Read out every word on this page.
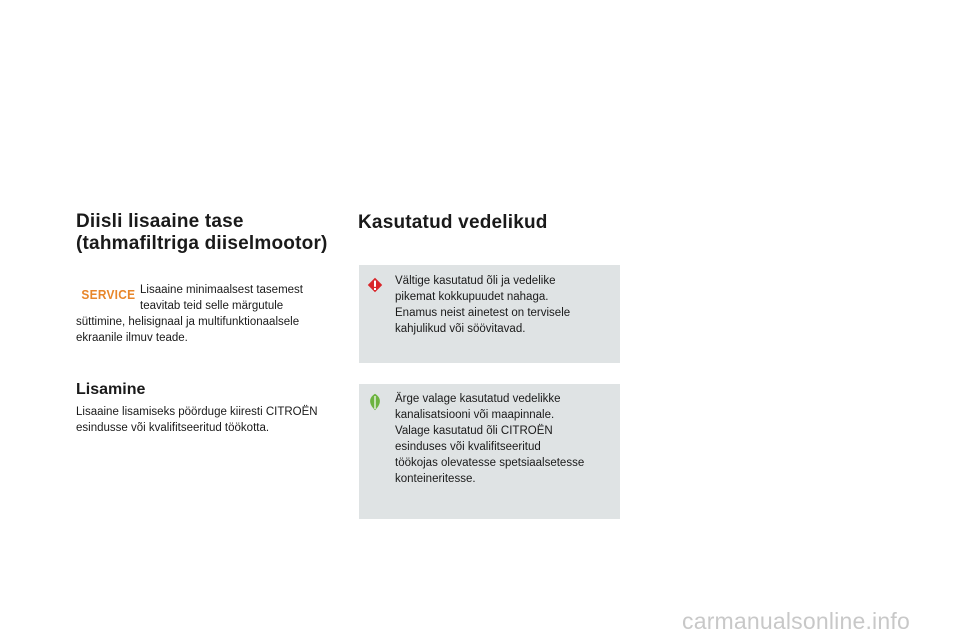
Diisli lisaaine tase
(tahmafiltriga diiselmootor)
SERVICE Lisaaine minimaalsest tasemest
teavitab teid selle märgutule
süttimine, helisignaal ja multifunktionaalsele
ekraanile ilmuv teade.
Lisamine
Lisaaine lisamiseks pöörduge kiiresti CITROËN
esindusse või kvalifitseeritud töökotta.
Kasutatud vedelikud
Vältige kasutatud õli ja vedelike
pikemat kokkupuudet nahaga.
Enamus neist ainetest on tervisele
kahjulikud või söövitavad.
Ärge valage kasutatud vedelikke
kanalisatsiooni või maapinnale.
Valage kasutatud õli CITROËN
esinduses või kvalifitseeritud
töökojas olevatesse spetsiaalsetesse
konteineritesse.
carmanualsonline.info
